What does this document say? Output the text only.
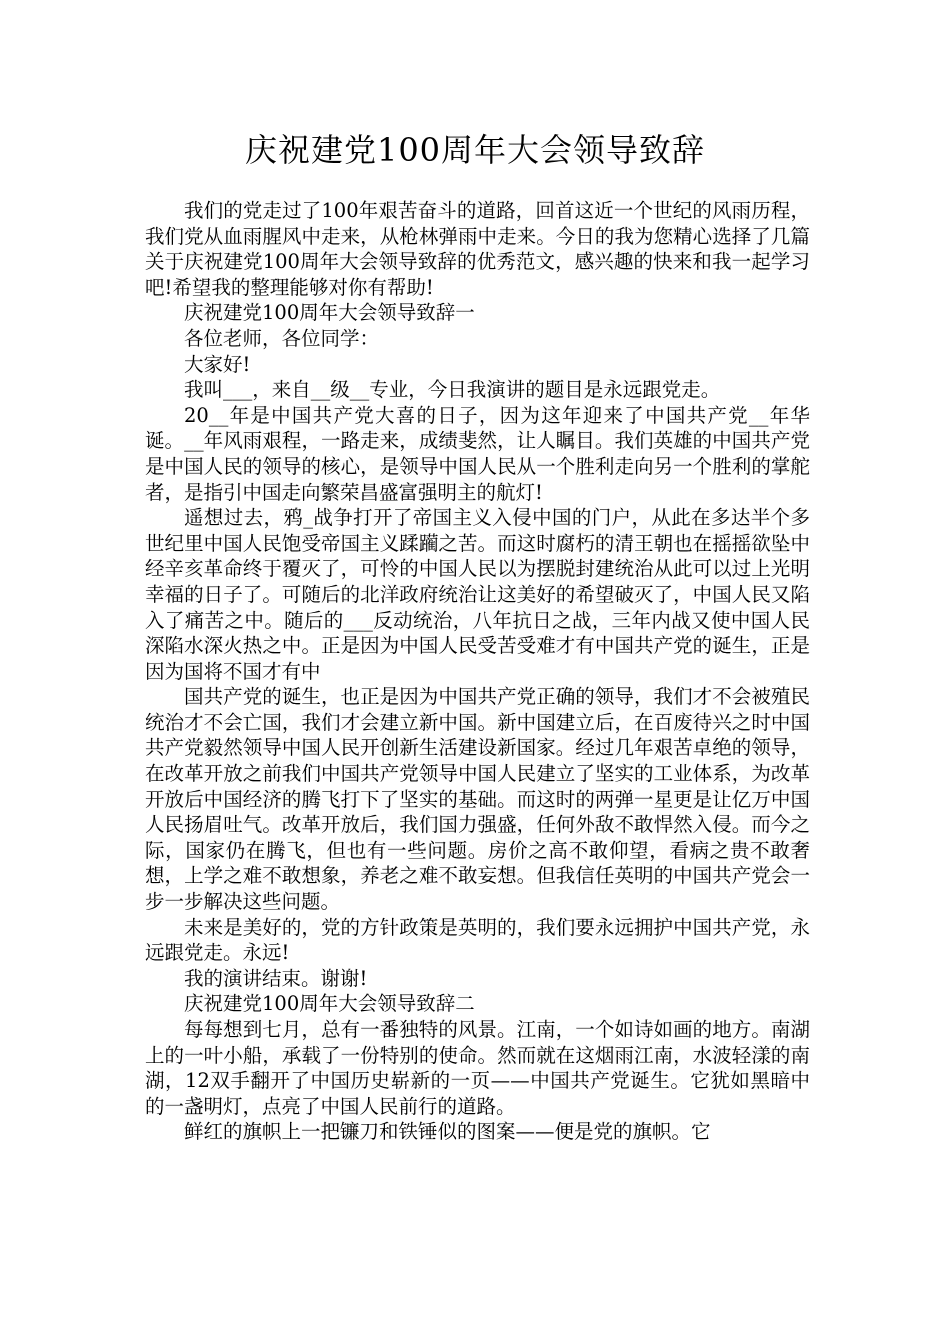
庆祝建党100周年大会领导致辞

我们的党走过了100年艰苦奋斗的道路，回首这近一个世纪的风雨历程，我们党从血雨腥风中走来，从枪林弹雨中走来。今日的我为您精心选择了几篇关于庆祝建党100周年大会领导致辞的优秀范文，感兴趣的快来和我一起学习吧!希望我的整理能够对你有帮助!

庆祝建党100周年大会领导致辞一

各位老师，各位同学：

大家好!

我叫___，来自__级__专业，今日我演讲的题目是永远跟党走。

20__年是中国共产党大喜的日子，因为这年迎来了中国共产党__年华诞。__年风雨艰程，一路走来，成绩斐然，让人瞩目。我们英雄的中国共产党是中国人民的领导的核心，是领导中国人民从一个胜利走向另一个胜利的掌舵者，是指引中国走向繁荣昌盛富强明主的航灯!

遥想过去，鸦_战争打开了帝国主义入侵中国的门户，从此在多达半个多世纪里中国人民饱受帝国主义蹂躏之苦。而这时腐朽的清王朝也在摇摇欲坠中经辛亥革命终于覆灭了，可怜的中国人民以为摆脱封建统治从此可以过上光明幸福的日子了。可随后的北洋政府统治让这美好的希望破灭了，中国人民又陷入了痛苦之中。随后的___反动统治，八年抗日之战，三年内战又使中国人民深陷水深火热之中。正是因为中国人民受苦受难才有中国共产党的诞生，正是因为国将不国才有中

国共产党的诞生，也正是因为中国共产党正确的领导，我们才不会被殖民统治才不会亡国，我们才会建立新中国。新中国建立后，在百废待兴之时中国共产党毅然领导中国人民开创新生活建设新国家。经过几年艰苦卓绝的领导，在改革开放之前我们中国共产党领导中国人民建立了坚实的工业体系，为改革开放后中国经济的腾飞打下了坚实的基础。而这时的两弹一星更是让亿万中国人民扬眉吐气。改革开放后，我们国力强盛，任何外敌不敢悍然入侵。而今之际，国家仍在腾飞，但也有一些问题。房价之高不敢仰望，看病之贵不敢奢想，上学之难不敢想象，养老之难不敢妄想。但我信任英明的中国共产党会一步一步解决这些问题。

未来是美好的，党的方针政策是英明的，我们要永远拥护中国共产党，永远跟党走。永远!

我的演讲结束。谢谢!

庆祝建党100周年大会领导致辞二

每每想到七月，总有一番独特的风景。江南，一个如诗如画的地方。南湖上的一叶小船，承载了一份特别的使命。然而就在这烟雨江南，水波轻漾的南湖，12双手翻开了中国历史崭新的一页——中国共产党诞生。它犹如黑暗中的一盏明灯，点亮了中国人民前行的道路。

鲜红的旗帜上一把镰刀和铁锤似的图案——便是党的旗帜。它
